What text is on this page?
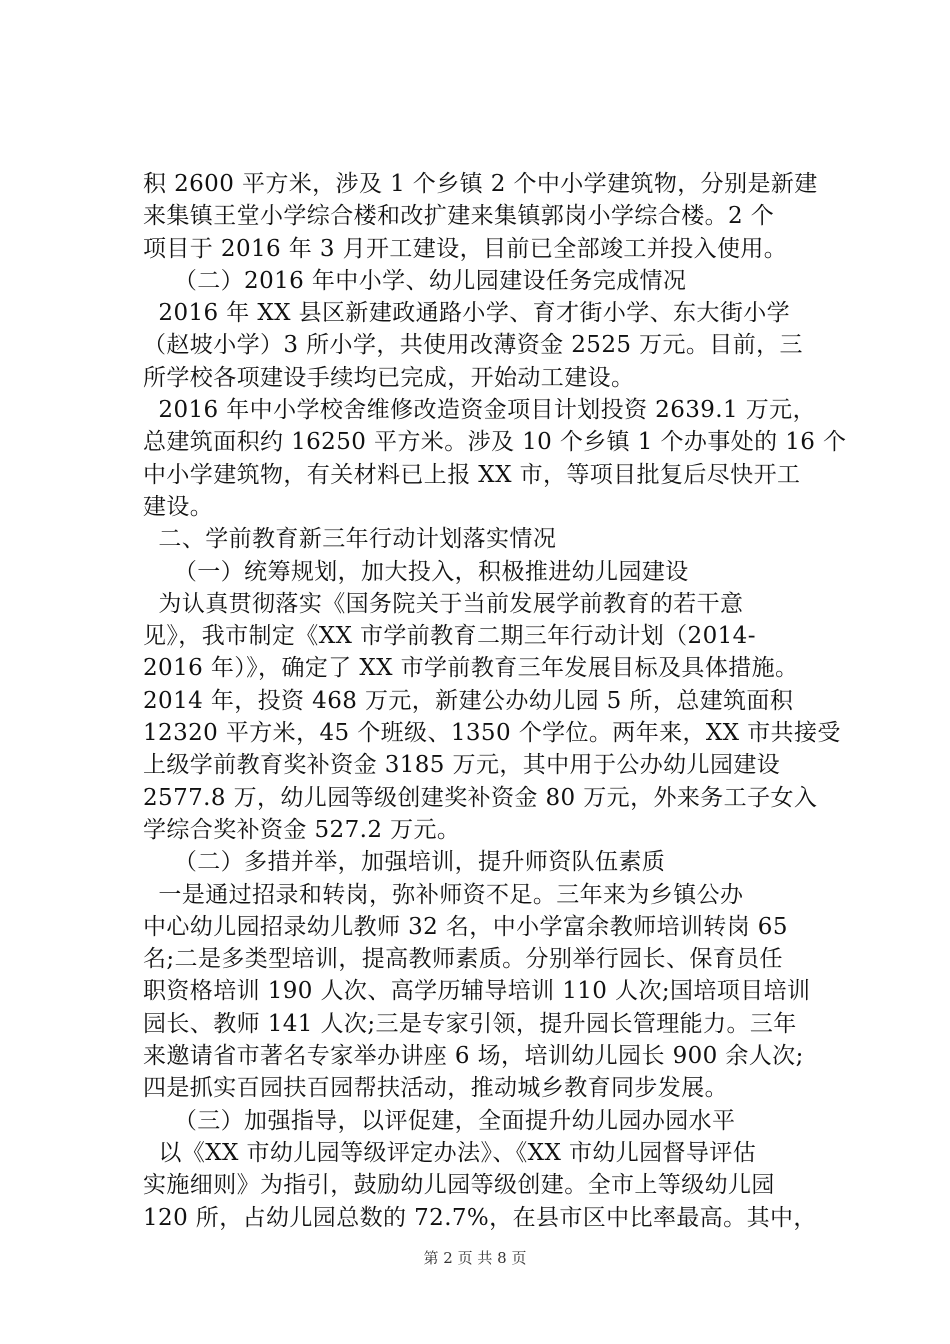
积 2600 平方米，涉及 1 个乡镇 2 个中小学建筑物，分别是新建
来集镇王堂小学综合楼和改扩建来集镇郭岗小学综合楼。2 个
项目于 2016 年 3 月开工建设，目前已全部竣工并投入使用。
（二）2016 年中小学、幼儿园建设任务完成情况
2016 年 XX 县区新建政通路小学、育才街小学、东大街小学
（赵坡小学）3 所小学，共使用改薄资金 2525 万元。目前，三
所学校各项建设手续均已完成，开始动工建设。
2016 年中小学校舍维修改造资金项目计划投资 2639.1 万元，
总建筑面积约 16250 平方米。涉及 10 个乡镇 1 个办事处的 16 个
中小学建筑物，有关材料已上报 XX 市，等项目批复后尽快开工
建设。
二、学前教育新三年行动计划落实情况
（一）统筹规划，加大投入，积极推进幼儿园建设
为认真贯彻落实《国务院关于当前发展学前教育的若干意
见》，我市制定《XX 市学前教育二期三年行动计划（2014-
2016 年）》，确定了 XX 市学前教育三年发展目标及具体措施。
2014 年，投资 468 万元，新建公办幼儿园 5 所，总建筑面积
12320 平方米，45 个班级、1350 个学位。两年来，XX 市共接受
上级学前教育奖补资金 3185 万元，其中用于公办幼儿园建设
2577.8 万，幼儿园等级创建奖补资金 80 万元，外来务工子女入
学综合奖补资金 527.2 万元。
（二）多措并举，加强培训，提升师资队伍素质
一是通过招录和转岗，弥补师资不足。三年来为乡镇公办
中心幼儿园招录幼儿教师 32 名，中小学富余教师培训转岗 65
名;二是多类型培训，提高教师素质。分别举行园长、保育员任
职资格培训 190 人次、高学历辅导培训 110 人次;国培项目培训
园长、教师 141 人次;三是专家引领，提升园长管理能力。三年
来邀请省市著名专家举办讲座 6 场，培训幼儿园长 900 余人次;
四是抓实百园扶百园帮扶活动，推动城乡教育同步发展。
（三）加强指导，以评促建，全面提升幼儿园办园水平
以《XX 市幼儿园等级评定办法》、《XX 市幼儿园督导评估
实施细则》为指引，鼓励幼儿园等级创建。全市上等级幼儿园
120 所，占幼儿园总数的 72.7%，在县市区中比率最高。其中，
第 2 页 共 8 页
